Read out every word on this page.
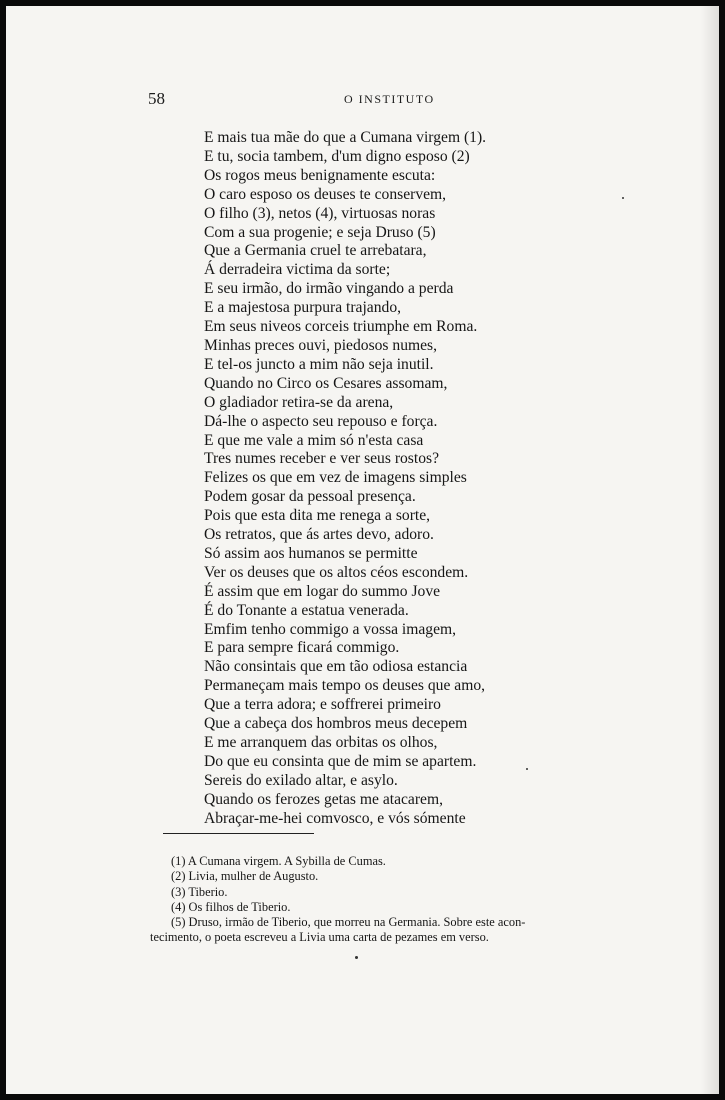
58	O INSTITUTO
E mais tua mãe do que a Cumana virgem (1).
E tu, socia tambem, d'um digno esposo (2)
Os rogos meus benignamente escuta:
O caro esposo os deuses te conservem,
O filho (3), netos (4), virtuosas noras
Com a sua progenie; e seja Druso (5)
Que a Germania cruel te arrebatara,
Á derradeira victima da sorte;
E seu irmão, do irmão vingando a perda
E a majestosa purpura trajando,
Em seus niveos corceis triumphe em Roma.
Minhas preces ouvi, piedosos numes,
E tel-os juncto a mim não seja inutil.
Quando no Circo os Cesares assomam,
O gladiador retira-se da arena,
Dá-lhe o aspecto seu repouso e força.
E que me vale a mim só n'esta casa
Tres numes receber e ver seus rostos?
Felizes os que em vez de imagens simples
Podem gosar da pessoal presença.
Pois que esta dita me renega a sorte,
Os retratos, que ás artes devo, adoro.
Só assim aos humanos se permitte
Ver os deuses que os altos céos escondem.
É assim que em logar do summo Jove
É do Tonante a estatua venerada.
Emfim tenho commigo a vossa imagem,
E para sempre ficará commigo.
Não consintais que em tão odiosa estancia
Permaneçam mais tempo os deuses que amo,
Que a terra adora; e soffrerei primeiro
Que a cabeça dos hombros meus decepem
E me arranquem das orbitas os olhos,
Do que eu consinta que de mim se apartem.
Sereis do exilado altar, e asylo.
Quando os ferozes getas me atacarem,
Abraçar-me-hei comvosco, e vós sómente
(1) A Cumana virgem. A Sybilla de Cumas.
(2) Livia, mulher de Augusto.
(3) Tiberio.
(4) Os filhos de Tiberio.
(5) Druso, irmão de Tiberio, que morreu na Germania. Sobre este acon-
tecimento, o poeta escreveu a Livia uma carta de pezames em verso.
